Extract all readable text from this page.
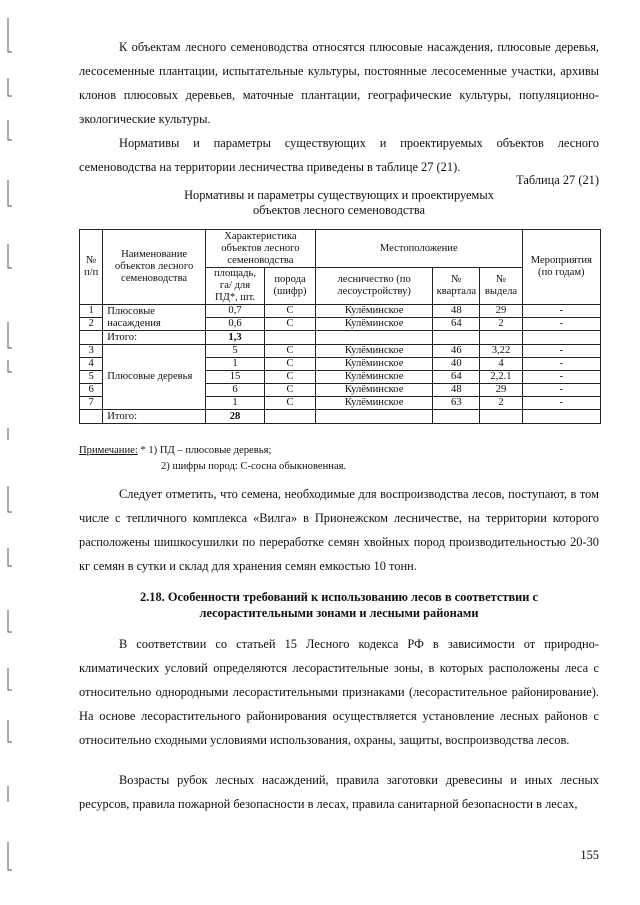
К объектам лесного семеноводства относятся плюсовые насаждения, плюсовые деревья, лесосеменные плантации, испытательные культуры, постоянные лесосеменные участки, архивы клонов плюсовых деревьев, маточные плантации, географические культуры, популяционно-экологические культуры.
Нормативы и параметры существующих и проектируемых объектов лесного семеноводства на территории лесничества приведены в таблице 27 (21).
Таблица 27 (21)
Нормативы и параметры существующих и проектируемых
объектов лесного семеноводства
№ п/п	Наименование объектов лесного семеноводства	Характеристика объектов лесного семеноводства		Местоположение			Мероприятия (по годам)
		площадь, га/ для ПД*, шт.	порода (шифр)	лесничество (по лесоустройству)	№ квартала	№ выдела	
1	Плюсовые насаждения	0,7	С	Кулёминское	48	29	-
2		0,6	С	Кулёминское	64	2	-
	Итого:	1,3					
3	Плюсовые деревья	5	С	Кулёминское	46	3,22	-
4		1	С	Кулёминское	40	4	-
5		15	С	Кулёминское	64	2,2.1	-
6		6	С	Кулёминское	48	29	-
7		1	С	Кулёминское	63	2	-
	Итого:	28					
Примечание: * 1) ПД – плюсовые деревья;
2) шифры пород: С-сосна обыкновенная.
Следует отметить, что семена, необходимые для воспроизводства лесов, поступают, в том числе с тепличного комплекса «Вилга» в Прионежском лесничестве, на территории которого расположены шишкосушилки по переработке семян хвойных пород производительностью 20-30 кг семян в сутки и склад для хранения семян емкостью 10 тонн.
2.18. Особенности требований к использованию лесов в соответствии с
лесорастительными зонами и лесными районами
В соответствии со статьей 15 Лесного кодекса РФ в зависимости от природно-климатических условий определяются лесорастительные зоны, в которых расположены леса с относительно однородными лесорастительными признаками (лесорастительное районирование). На основе лесорастительного районирования осуществляется установление лесных районов с относительно сходными условиями использования, охраны, защиты, воспроизводства лесов.
Возрасты рубок лесных насаждений, правила заготовки древесины и иных лесных ресурсов, правила пожарной безопасности в лесах, правила санитарной безопасности в лесах,
155
